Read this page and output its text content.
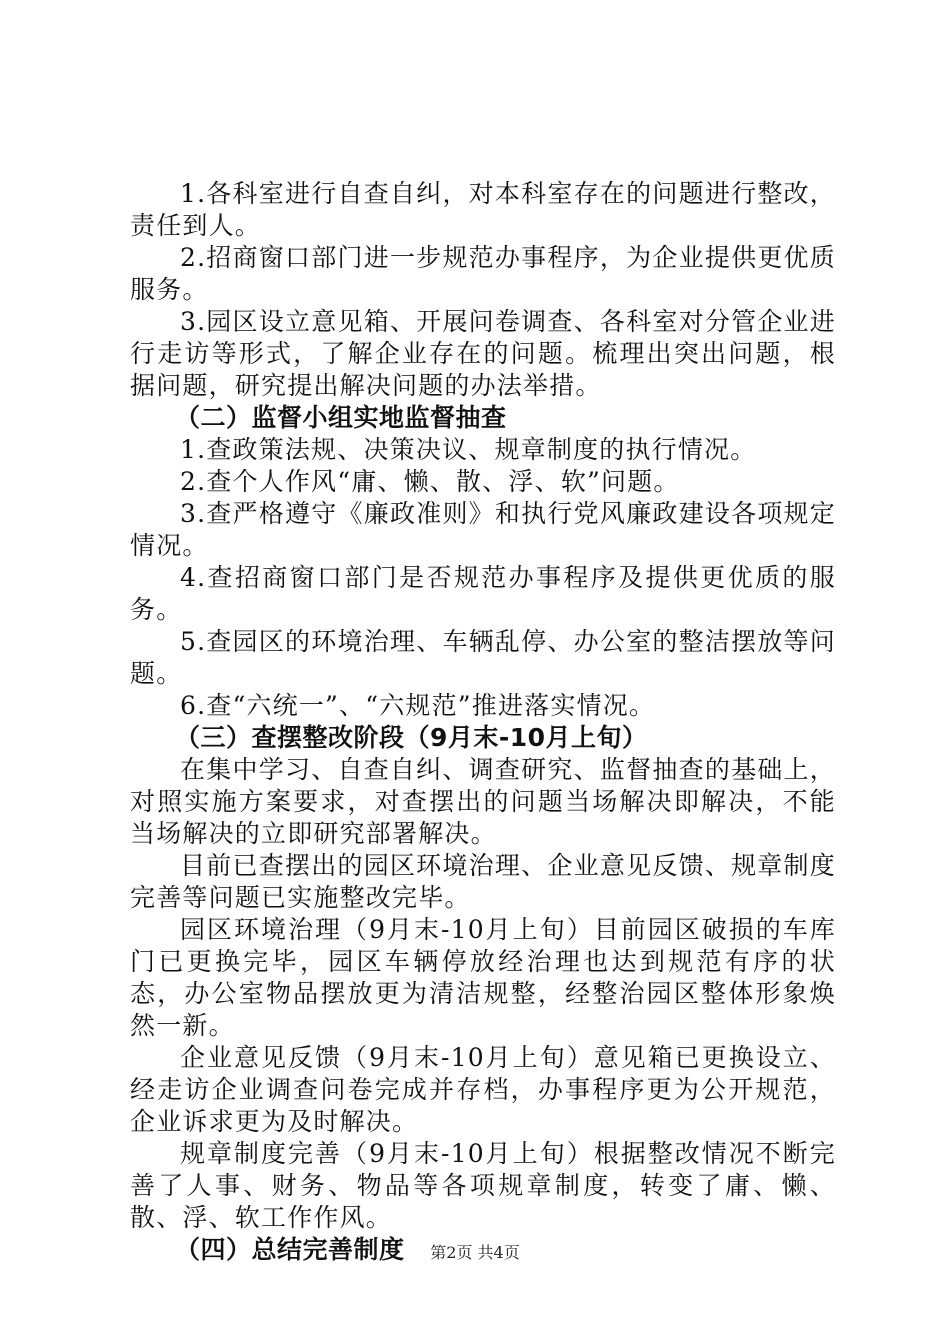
1.各科室进行自查自纠，对本科室存在的问题进行整改，责任到人。

2.招商窗口部门进一步规范办事程序，为企业提供更优质服务。

3.园区设立意见箱、开展问卷调查、各科室对分管企业进行走访等形式，了解企业存在的问题。梳理出突出问题，根据问题，研究提出解决问题的办法举措。

（二）监督小组实地监督抽查

1.查政策法规、决策决议、规章制度的执行情况。

2.查个人作风“庸、懒、散、浮、软”问题。

3.查严格遵守《廉政准则》和执行党风廉政建设各项规定情况。

4.查招商窗口部门是否规范办事程序及提供更优质的服务。

5.查园区的环境治理、车辆乱停、办公室的整洁摆放等问题。

6.查“六统一”、“六规范”推进落实情况。

（三）查摆整改阶段（9月末-10月上旬）

在集中学习、自查自纠、调查研究、监督抽查的基础上，对照实施方案要求，对查摆出的问题当场解决即解决，不能当场解决的立即研究部署解决。

目前已查摆出的园区环境治理、企业意见反馈、规章制度完善等问题已实施整改完毕。

园区环境治理（9月末-10月上旬）目前园区破损的车库门已更换完毕，园区车辆停放经治理也达到规范有序的状态，办公室物品摆放更为清洁规整，经整治园区整体形象焕然一新。

企业意见反馈（9月末-10月上旬）意见箱已更换设立、经走访企业调查问卷完成并存档，办事程序更为公开规范，企业诉求更为及时解决。

规章制度完善（9月末-10月上旬）根据整改情况不断完善了人事、财务、物品等各项规章制度，转变了庸、懒、散、浮、软工作作风。

（四）总结完善制度	第2页 共4页
